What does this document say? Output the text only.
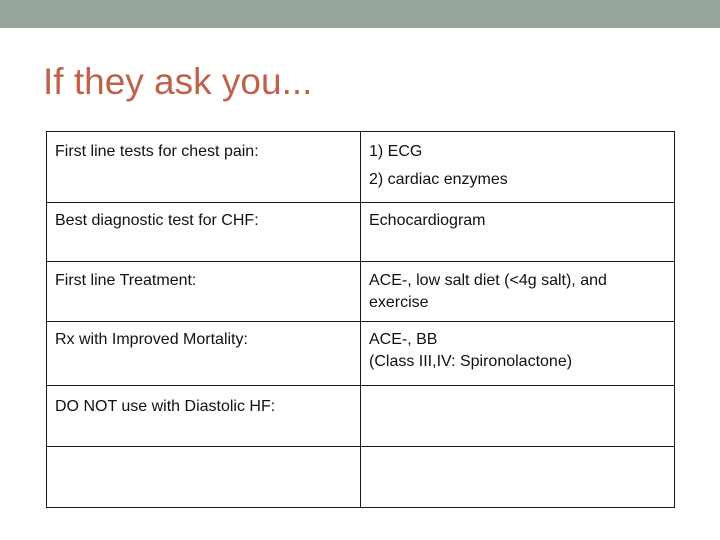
If they ask you...
First line tests for chest pain:	1) ECG
2) cardiac enzymes

Best diagnostic test for CHF:	Echocardiogram

First line Treatment:	ACE-, low salt diet (<4g salt), and exercise

Rx with Improved Mortality:	ACE-, BB
(Class III,IV: Spironolactone)

DO NOT use with Diastolic HF:	
